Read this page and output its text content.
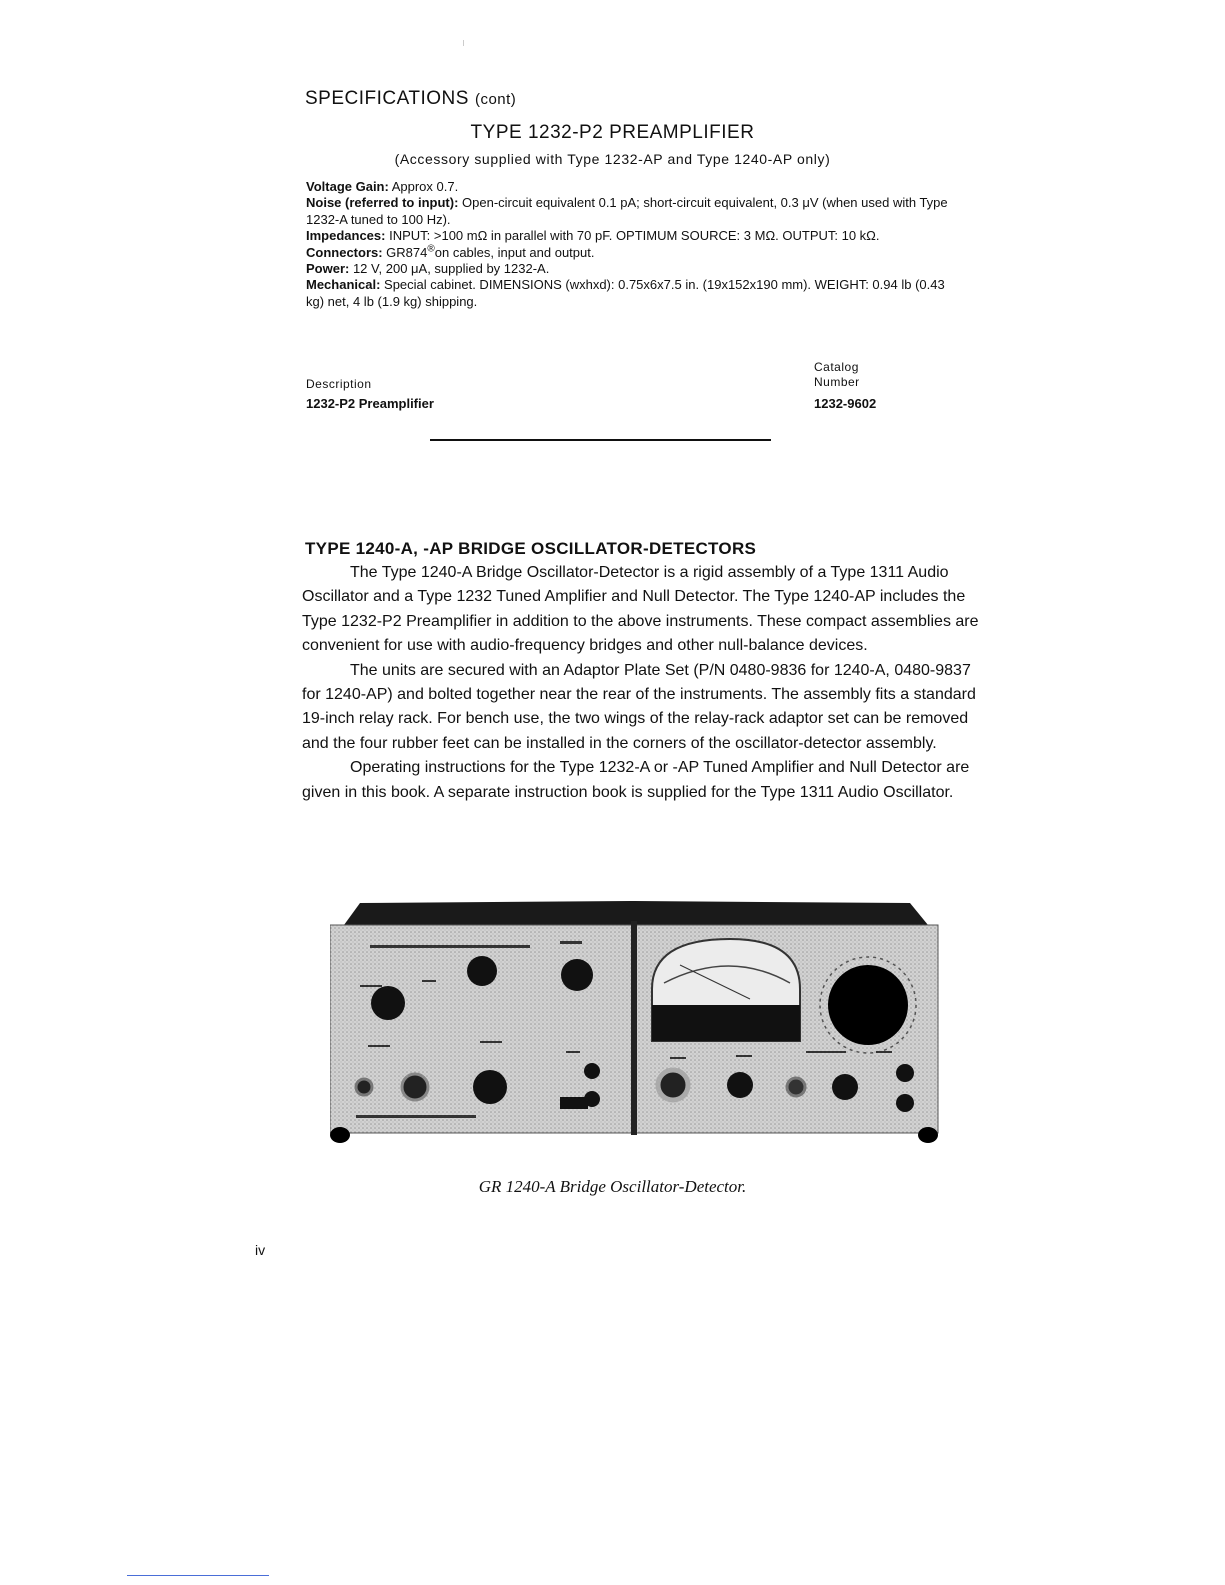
SPECIFICATIONS (cont)
TYPE 1232-P2 PREAMPLIFIER
(Accessory supplied with Type 1232-AP and Type 1240-AP only)
Voltage Gain: Approx 0.7.
Noise (referred to input): Open-circuit equivalent 0.1 pA; short-circuit equivalent, 0.3 μV (when used with Type 1232-A tuned to 100 Hz).
Impedances: INPUT: >100 mΩ in parallel with 70 pF. OPTIMUM SOURCE: 3 MΩ. OUTPUT: 10 kΩ.
Connectors: GR874®on cables, input and output.
Power: 12 V, 200 μA, supplied by 1232-A.
Mechanical: Special cabinet. DIMENSIONS (wxhxd): 0.75x6x7.5 in. (19x152x190 mm). WEIGHT: 0.94 lb (0.43 kg) net, 4 lb (1.9 kg) shipping.
Catalog
Number
Description
1232-P2 Preamplifier	1232-9602
TYPE 1240-A, -AP BRIDGE OSCILLATOR-DETECTORS

The Type 1240-A Bridge Oscillator-Detector is a rigid assembly of a Type 1311 Audio Oscillator and a Type 1232 Tuned Amplifier and Null Detector. The Type 1240-AP includes the Type 1232-P2 Preamplifier in addition to the above instruments. These compact assemblies are convenient for use with audio-frequency bridges and other null-balance devices.

The units are secured with an Adaptor Plate Set (P/N 0480-9836 for 1240-A, 0480-9837 for 1240-AP) and bolted together near the rear of the instruments. The assembly fits a standard 19-inch relay rack. For bench use, the two wings of the relay-rack adaptor set can be removed and the four rubber feet can be installed in the corners of the oscillator-detector assembly.

Operating instructions for the Type 1232-A or -AP Tuned Amplifier and Null Detector are given in this book. A separate instruction book is supplied for the Type 1311 Audio Oscillator.

GR 1240-A Bridge Oscillator-Detector.
iv
